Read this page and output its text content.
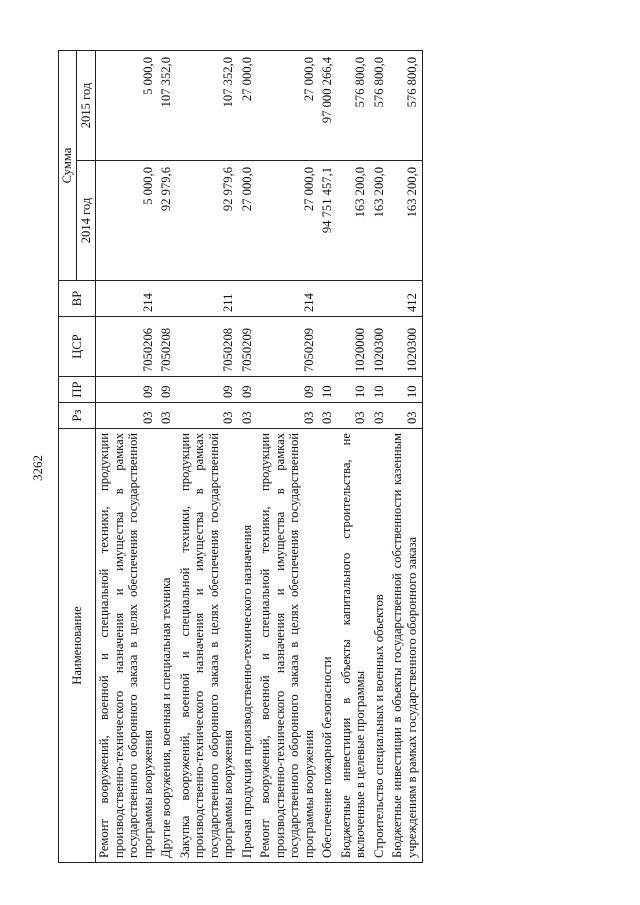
3262
Наименование	Рз	ПР	ЦСР	ВР	Сумма	
					2014 год	2015 год
Ремонт вооружений, военной и специальной техники, продукции производственно-технического назначения и имущества в рамках государственного оборонного заказа в целях обеспечения государственной программы вооружения	03	09	7050206	214	5 000,0	5 000,0
Другие вооружения, военная и специальная техника	03	09	7050208		92 979,6	107 352,0
Закупка вооружений, военной и специальной техники, продукции производственно-технического назначения и имущества в рамках государственного оборонного заказа в целях обеспечения государственной программы вооружения	03	09	7050208	211	92 979,6	107 352,0
Прочая продукция производственно-технического назначения	03	09	7050209		27 000,0	27 000,0
Ремонт вооружений, военной и специальной техники, продукции производственно-технического назначения и имущества в рамках государственного оборонного заказа в целях обеспечения государственной программы вооружения	03	09	7050209	214	27 000,0	27 000,0
Обеспечение пожарной безопасности	03	10			94 751 457,1	97 000 266,4
Бюджетные инвестиции в объекты капитального строительства, не включенные в целевые программы	03	10	1020000		163 200,0	576 800,0
Строительство специальных и военных объектов	03	10	1020300		163 200,0	576 800,0
Бюджетные инвестиции в объекты государственной собственности казенным учреждениям в рамках государственного оборонного заказа	03	10	1020300	412	163 200,0	576 800,0
